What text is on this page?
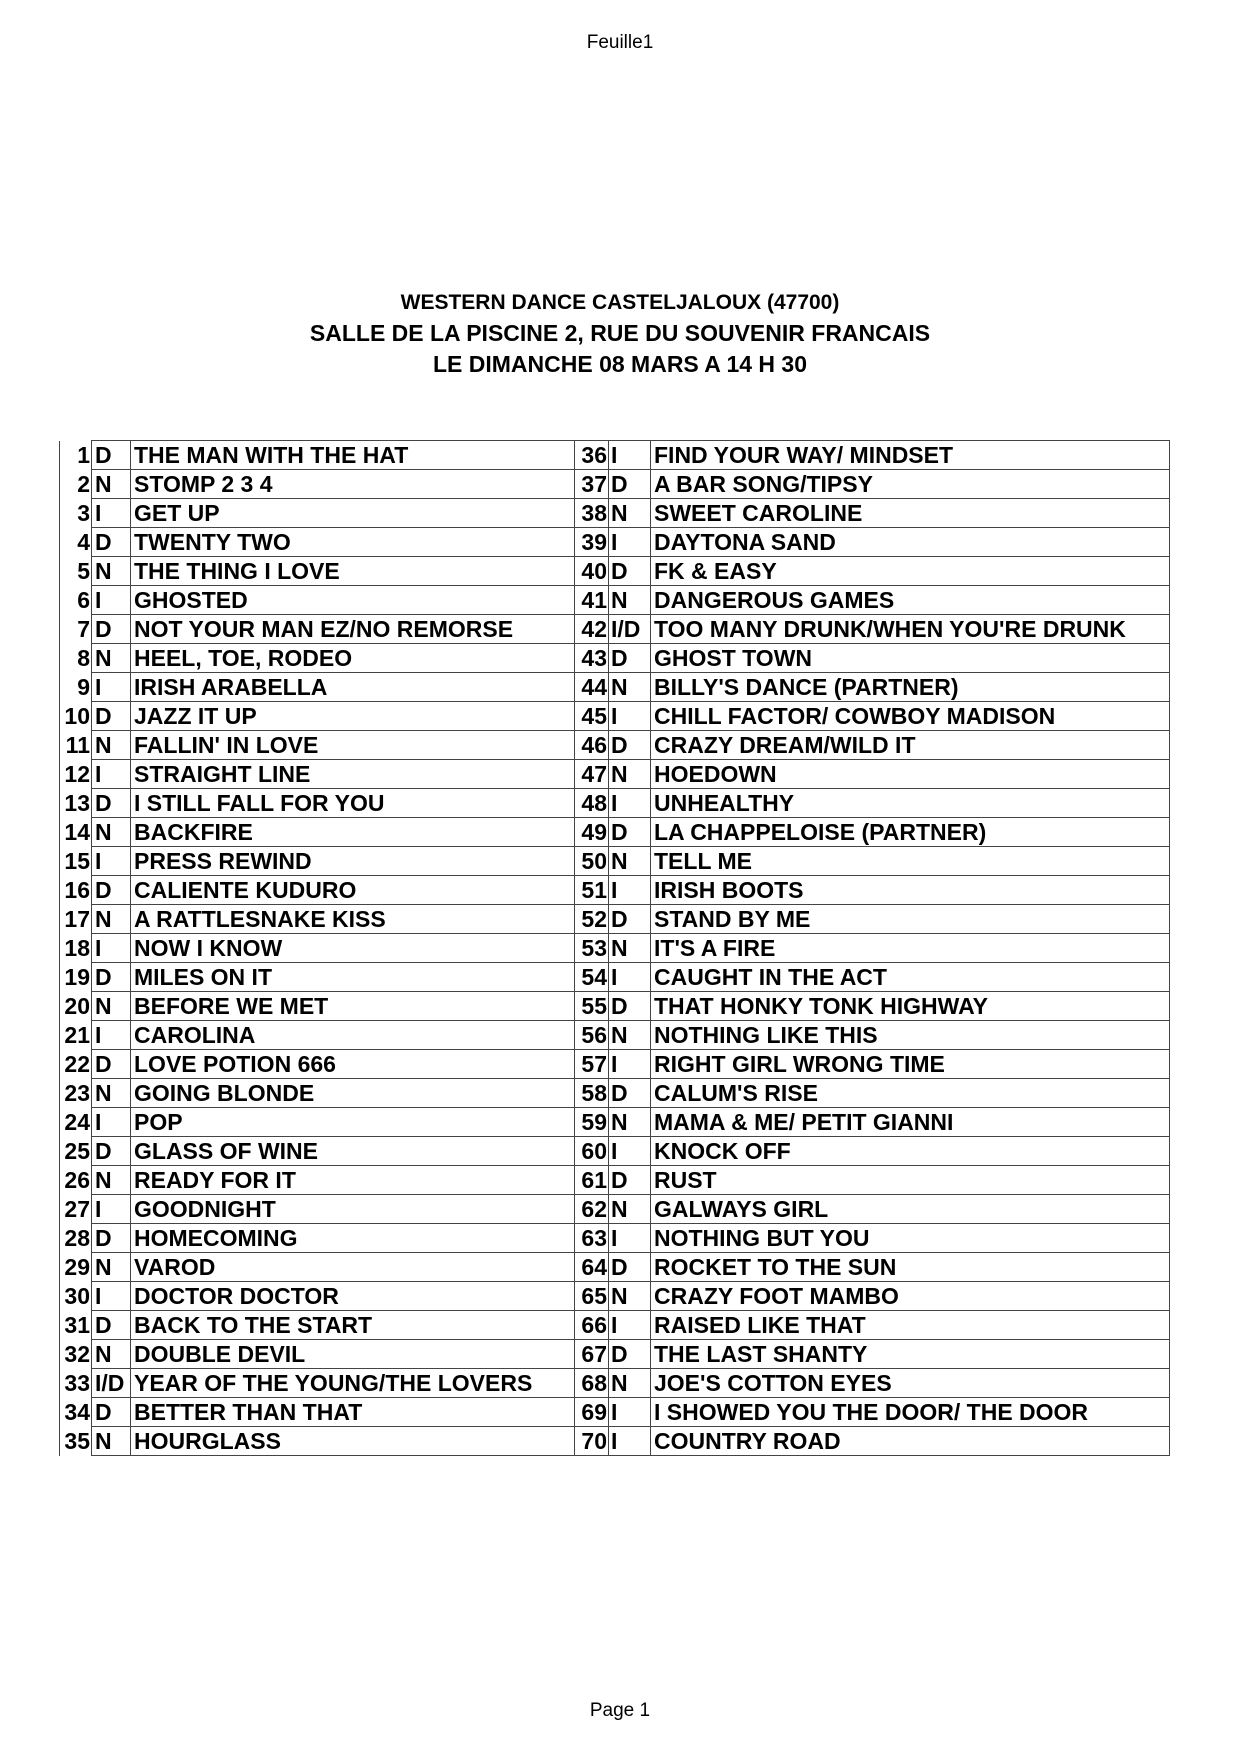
Feuille1
WESTERN DANCE CASTELJALOUX (47700)
SALLE DE LA PISCINE 2, RUE DU SOUVENIR FRANCAIS
LE DIMANCHE 08 MARS A 14 H 30
1	D	THE MAN WITH THE HAT	36	I	FIND YOUR WAY/ MINDSET
2	N	STOMP 2 3 4	37	D	A BAR SONG/TIPSY
3	I	GET UP	38	N	SWEET CAROLINE
4	D	TWENTY TWO	39	I	DAYTONA SAND
5	N	THE THING I LOVE	40	D	FK & EASY
6	I	GHOSTED	41	N	DANGEROUS GAMES
7	D	NOT YOUR MAN EZ/NO REMORSE	42	I/D	TOO MANY DRUNK/WHEN YOU'RE DRUNK
8	N	HEEL, TOE, RODEO	43	D	GHOST TOWN
9	I	IRISH ARABELLA	44	N	BILLY'S DANCE (PARTNER)
10	D	JAZZ IT UP	45	I	CHILL FACTOR/ COWBOY MADISON
11	N	FALLIN' IN LOVE	46	D	CRAZY DREAM/WILD IT
12	I	STRAIGHT LINE	47	N	HOEDOWN
13	D	I STILL FALL FOR YOU	48	I	UNHEALTHY
14	N	BACKFIRE	49	D	LA CHAPPELOISE (PARTNER)
15	I	PRESS REWIND	50	N	TELL ME
16	D	CALIENTE KUDURO	51	I	IRISH BOOTS
17	N	A RATTLESNAKE KISS	52	D	STAND BY ME
18	I	NOW I KNOW	53	N	IT'S A FIRE
19	D	MILES ON IT	54	I	CAUGHT IN THE ACT
20	N	BEFORE WE MET	55	D	THAT HONKY TONK HIGHWAY
21	I	CAROLINA	56	N	NOTHING LIKE THIS
22	D	LOVE POTION 666	57	I	RIGHT GIRL WRONG TIME
23	N	GOING BLONDE	58	D	CALUM'S RISE
24	I	POP	59	N	MAMA & ME/ PETIT GIANNI
25	D	GLASS OF WINE	60	I	KNOCK OFF
26	N	READY FOR IT	61	D	RUST
27	I	GOODNIGHT	62	N	GALWAYS GIRL
28	D	HOMECOMING	63	I	NOTHING BUT YOU
29	N	VAROD	64	D	ROCKET TO THE SUN
30	I	DOCTOR DOCTOR	65	N	CRAZY FOOT MAMBO
31	D	BACK TO THE START	66	I	RAISED LIKE THAT
32	N	DOUBLE DEVIL	67	D	THE LAST SHANTY
33	I/D	YEAR OF THE YOUNG/THE LOVERS	68	N	JOE'S COTTON EYES
34	D	BETTER THAN THAT	69	I	I SHOWED YOU THE DOOR/ THE DOOR
35	N	HOURGLASS	70	I	COUNTRY ROAD
Page 1
